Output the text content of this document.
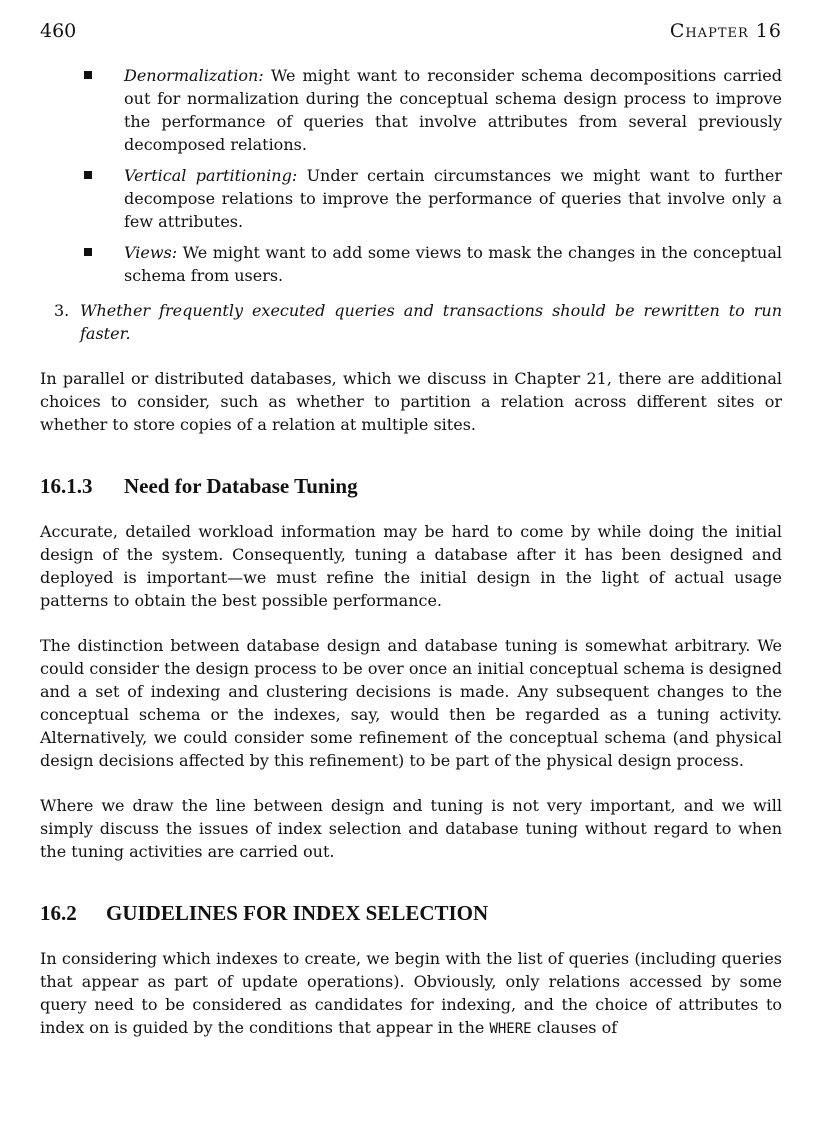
460	Chapter 16
Denormalization: We might want to reconsider schema decompositions carried out for normalization during the conceptual schema design process to improve the performance of queries that involve attributes from several previously decomposed relations.
Vertical partitioning: Under certain circumstances we might want to further decompose relations to improve the performance of queries that involve only a few attributes.
Views: We might want to add some views to mask the changes in the conceptual schema from users.
3. Whether frequently executed queries and transactions should be rewritten to run faster.

In parallel or distributed databases, which we discuss in Chapter 21, there are additional choices to consider, such as whether to partition a relation across different sites or whether to store copies of a relation at multiple sites.

16.1.3 Need for Database Tuning

Accurate, detailed workload information may be hard to come by while doing the initial design of the system. Consequently, tuning a database after it has been designed and deployed is important—we must refine the initial design in the light of actual usage patterns to obtain the best possible performance.

The distinction between database design and database tuning is somewhat arbitrary. We could consider the design process to be over once an initial conceptual schema is designed and a set of indexing and clustering decisions is made. Any subsequent changes to the conceptual schema or the indexes, say, would then be regarded as a tuning activity. Alternatively, we could consider some refinement of the conceptual schema (and physical design decisions affected by this refinement) to be part of the physical design process.

Where we draw the line between design and tuning is not very important, and we will simply discuss the issues of index selection and database tuning without regard to when the tuning activities are carried out.

16.2 GUIDELINES FOR INDEX SELECTION

In considering which indexes to create, we begin with the list of queries (including queries that appear as part of update operations). Obviously, only relations accessed by some query need to be considered as candidates for indexing, and the choice of attributes to index on is guided by the conditions that appear in the WHERE clauses of
